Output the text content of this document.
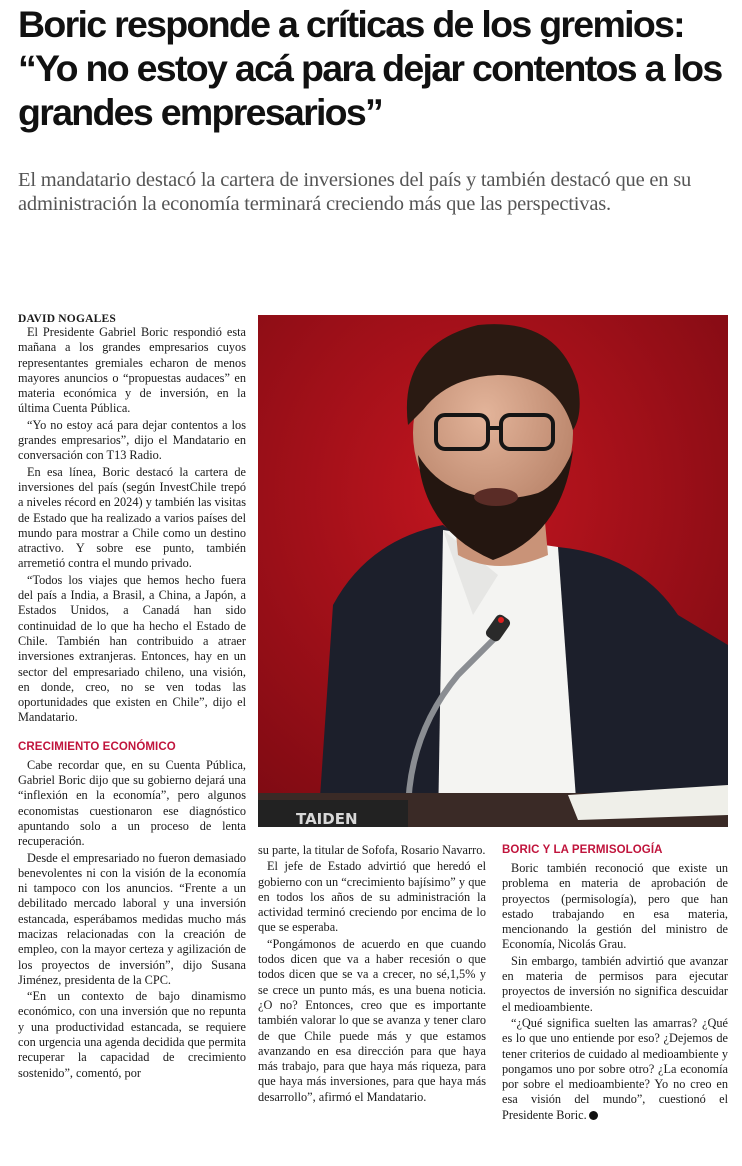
Boric responde a críticas de los gremios: “Yo no estoy acá para dejar contentos a los grandes empresarios”

El mandatario destacó la cartera de inversiones del país y también destacó que en su administración la economía terminará creciendo más que las perspectivas.

DAVID NOGALES

El Presidente Gabriel Boric respondió esta mañana a los grandes empresarios cuyos representantes gremiales echaron de menos mayores anuncios o “propuestas audaces” en materia económica y de inversión, en la última Cuenta Pública.

“Yo no estoy acá para dejar contentos a los grandes empresarios”, dijo el Mandatario en conversación con T13 Radio.

En esa línea, Boric destacó la cartera de inversiones del país (según InvestChile trepó a niveles récord en 2024) y también las visitas de Estado que ha realizado a varios países del mundo para mostrar a Chile como un destino atractivo. Y sobre ese punto, también arremetió contra el mundo privado.

“Todos los viajes que hemos hecho fuera del país a India, a Brasil, a China, a Japón, a Estados Unidos, a Canadá han sido continuidad de lo que ha hecho el Estado de Chile. También han contribuido a atraer inversiones extranjeras. Entonces, hay en un sector del empresariado chileno, una visión, en donde, creo, no se ven todas las oportunidades que existen en Chile”, dijo el Mandatario.

CRECIMIENTO ECONÓMICO

Cabe recordar que, en su Cuenta Pública, Gabriel Boric dijo que su gobierno dejará una “inflexión en la economía”, pero algunos economistas cuestionaron ese diagnóstico apuntando solo a un proceso de lenta recuperación.

Desde el empresariado no fueron demasiado benevolentes ni con la visión de la economía ni tampoco con los anuncios. “Frente a un debilitado mercado laboral y una inversión estancada, esperábamos medidas mucho más macizas relacionadas con la creación de empleo, con la mayor certeza y agilización de los proyectos de inversión”, dijo Susana Jiménez, presidenta de la CPC.

“En un contexto de bajo dinamismo económico, con una inversión que no repunta y una productividad estancada, se requiere con urgencia una agenda decidida que permita recuperar la capacidad de crecimiento sostenido”, comentó, por

TAIDEN

su parte, la titular de Sofofa, Rosario Navarro.

El jefe de Estado advirtió que heredó el gobierno con un “crecimiento bajísimo” y que en todos los años de su administración la actividad terminó creciendo por encima de lo que se esperaba.

“Pongámonos de acuerdo en que cuando todos dicen que va a haber recesión o que todos dicen que se va a crecer, no sé,1,5% y se crece un punto más, es una buena noticia. ¿O no? Entonces, creo que es importante también valorar lo que se avanza y tener claro de que Chile puede más y que estamos avanzando en esa dirección para que haya más trabajo, para que haya más riqueza, para que haya más inversiones, para que haya más desarrollo”, afirmó el Mandatario.

BORIC Y LA PERMISOLOGÍA

Boric también reconoció que existe un problema en materia de aprobación de proyectos (permisología), pero que han estado trabajando en esa materia, mencionando la gestión del ministro de Economía, Nicolás Grau.

Sin embargo, también advirtió que avanzar en materia de permisos para ejecutar proyectos de inversión no significa descuidar el medioambiente.

“¿Qué significa suelten las amarras? ¿Qué es lo que uno entiende por eso? ¿Dejemos de tener criterios de cuidado al medioambiente y pongamos uno por sobre otro? ¿La economía por sobre el medioambiente? Yo no creo en esa visión del mundo”, cuestionó el Presidente Boric.
